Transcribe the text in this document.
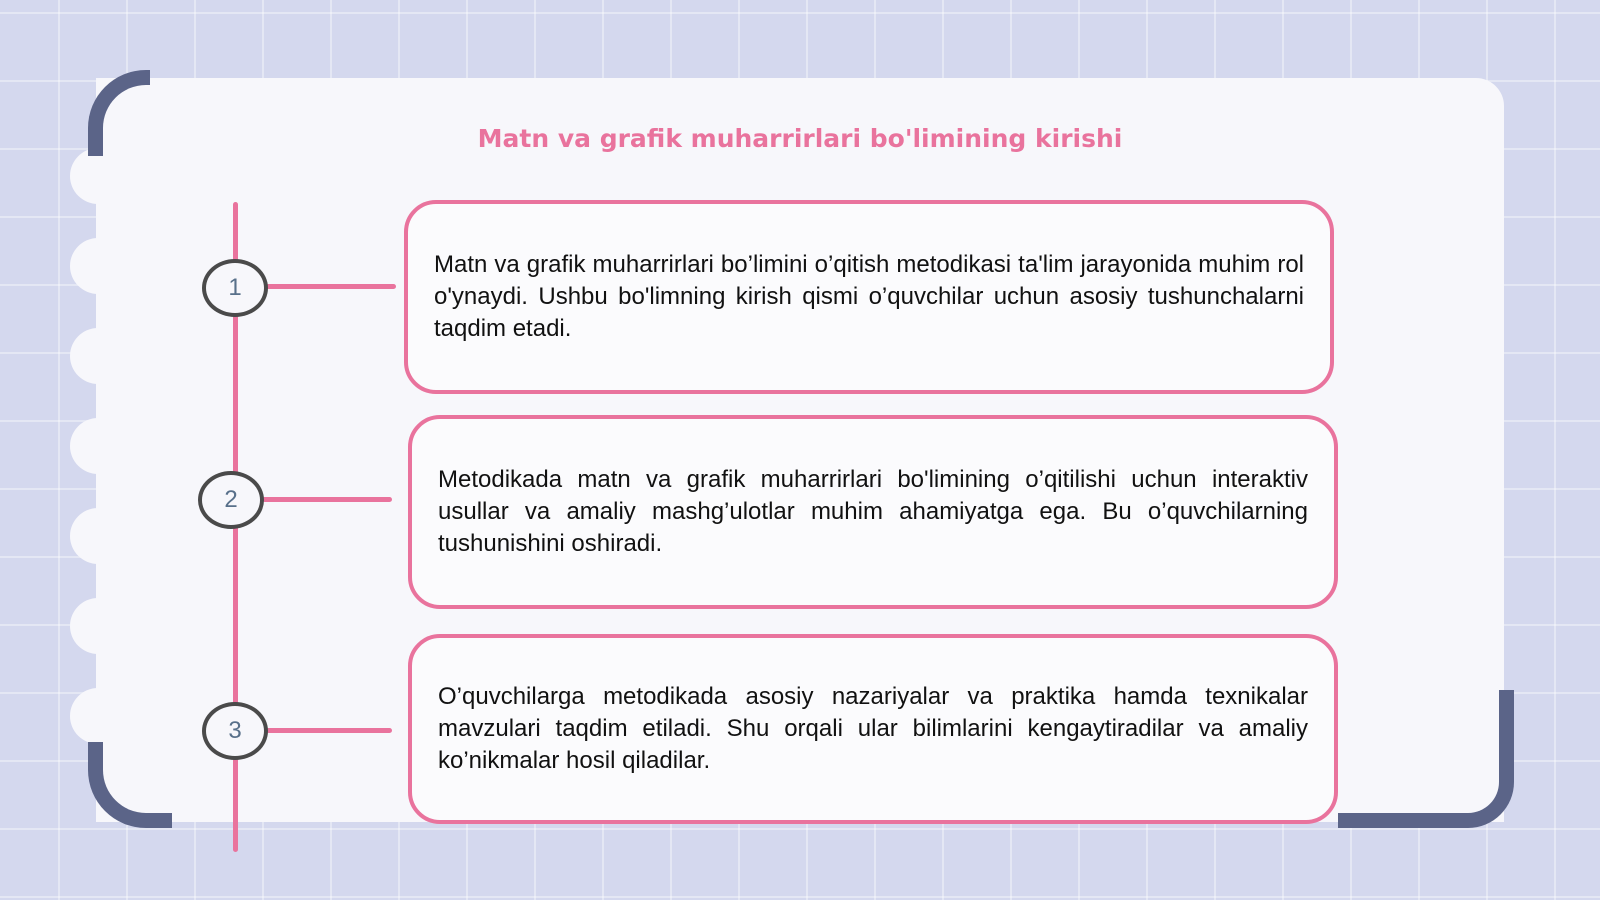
Matn va grafik muharrirlari bo'limining kirishi
1
Matn va grafik muharrirlari bo’limini o’qitish metodikasi ta'lim jarayonida muhim rol o'ynaydi. Ushbu bo'limning kirish qismi o’quvchilar uchun asosiy tushunchalarni taqdim etadi.
2
Metodikada matn va grafik muharrirlari bo'limining o’qitilishi uchun interaktiv usullar va amaliy mashg’ulotlar muhim ahamiyatga ega. Bu o’quvchilarning tushunishini oshiradi.
3
O’quvchilarga metodikada asosiy nazariyalar va praktika hamda texnikalar mavzulari taqdim etiladi. Shu orqali ular bilimlarini kengaytiradilar va amaliy ko’nikmalar hosil qiladilar.
